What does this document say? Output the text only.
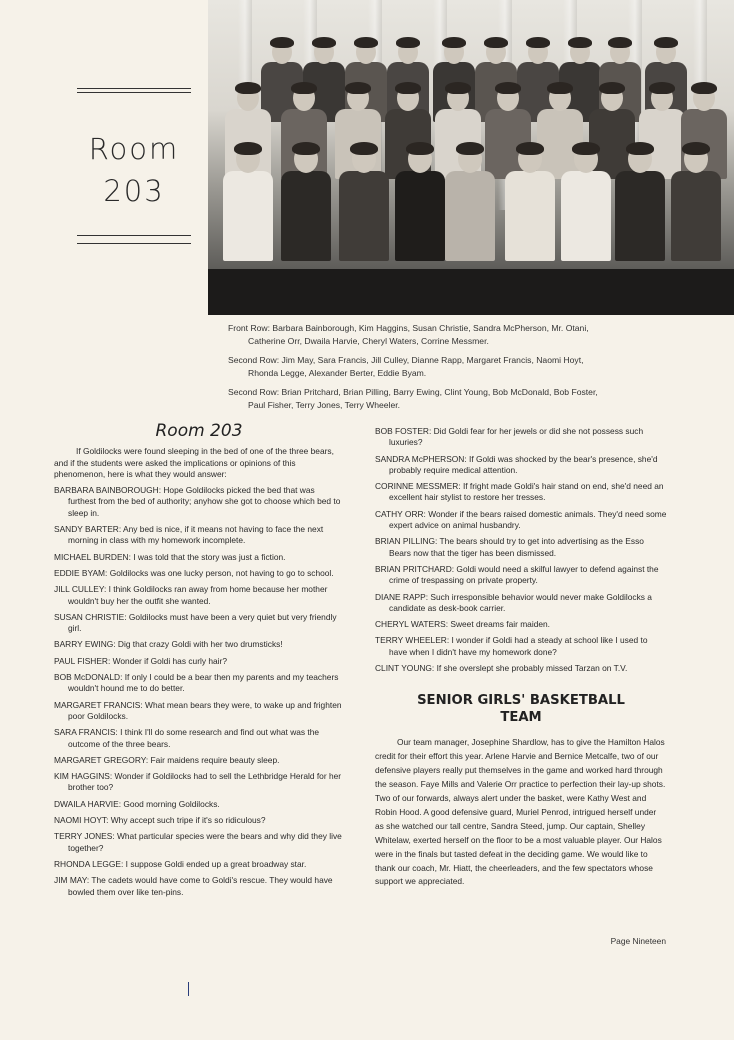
Room
203

Front Row: Barbara Bainborough, Kim Haggins, Susan Christie, Sandra McPherson, Mr. Otani,
Catherine Orr, Dwaila Harvie, Cheryl Waters, Corrine Messmer.

Second Row: Jim May, Sara Francis, Jill Culley, Dianne Rapp, Margaret Francis, Naomi Hoyt,
Rhonda Legge, Alexander Berter, Eddie Byam.

Second Row: Brian Pritchard, Brian Pilling, Barry Ewing, Clint Young, Bob McDonald, Bob Foster,
Paul Fisher, Terry Jones, Terry Wheeler.

Room 203

If Goldilocks were found sleeping in the bed of one of the three bears, and if the students were asked the implications or opinions of this phenomenon, here is what they would answer:

BARBARA BAINBOROUGH: Hope Goldilocks picked the bed that was furthest from the bed of authority; anyhow she got to choose which bed to sleep in.

SANDY BARTER: Any bed is nice, if it means not having to face the next morning in class with my homework incomplete.

MICHAEL BURDEN: I was told that the story was just a fiction.

EDDIE BYAM: Goldilocks was one lucky person, not having to go to school.

JILL CULLEY: I think Goldilocks ran away from home because her mother wouldn't buy her the outfit she wanted.

SUSAN CHRISTIE: Goldilocks must have been a very quiet but very friendly girl.

BARRY EWING: Dig that crazy Goldi with her two drumsticks!

PAUL FISHER: Wonder if Goldi has curly hair?

BOB McDONALD: If only I could be a bear then my parents and my teachers wouldn't hound me to do better.

MARGARET FRANCIS: What mean bears they were, to wake up and frighten poor Goldilocks.

SARA FRANCIS: I think I'll do some research and find out what was the outcome of the three bears.

MARGARET GREGORY: Fair maidens require beauty sleep.

KIM HAGGINS: Wonder if Goldilocks had to sell the Lethbridge Herald for her brother too?

DWAILA HARVIE: Good morning Goldilocks.

NAOMI HOYT: Why accept such tripe if it's so ridiculous?

TERRY JONES: What particular species were the bears and why did they live together?

RHONDA LEGGE: I suppose Goldi ended up a great broadway star.

JIM MAY: The cadets would have come to Goldi's rescue. They would have bowled them over like ten-pins.

BOB FOSTER: Did Goldi fear for her jewels or did she not possess such luxuries?

SANDRA McPHERSON: If Goldi was shocked by the bear's presence, she'd probably require medical attention.

CORINNE MESSMER: If fright made Goldi's hair stand on end, she'd need an excellent hair stylist to restore her tresses.

CATHY ORR: Wonder if the bears raised domestic animals. They'd need some expert advice on animal husbandry.

BRIAN PILLING: The bears should try to get into advertising as the Esso Bears now that the tiger has been dismissed.

BRIAN PRITCHARD: Goldi would need a skilful lawyer to defend against the crime of trespassing on private property.

DIANE RAPP: Such irresponsible behavior would never make Goldilocks a candidate as desk-book carrier.

CHERYL WATERS: Sweet dreams fair maiden.

TERRY WHEELER: I wonder if Goldi had a steady at school like I used to have when I didn't have my homework done?

CLINT YOUNG: If she overslept she probably missed Tarzan on T.V.

SENIOR GIRLS' BASKETBALL
TEAM

Our team manager, Josephine Shardlow, has to give the Hamilton Halos credit for their effort this year. Arlene Harvie and Bernice Metcalfe, two of our defensive players really put themselves in the game and worked hard through the season. Faye Mills and Valerie Orr practice to perfection their lay-up shots. Two of our forwards, always alert under the basket, were Kathy West and Robin Hood. A good defensive guard, Muriel Penrod, intrigued herself under as she watched our tall centre, Sandra Steed, jump. Our captain, Shelley Whitelaw, exerted herself on the floor to be a most valuable player. Our Halos were in the finals but tasted defeat in the deciding game. We would like to thank our coach, Mr. Hiatt, the cheerleaders, and the few spectators whose support we appreciated.

Page Nineteen
